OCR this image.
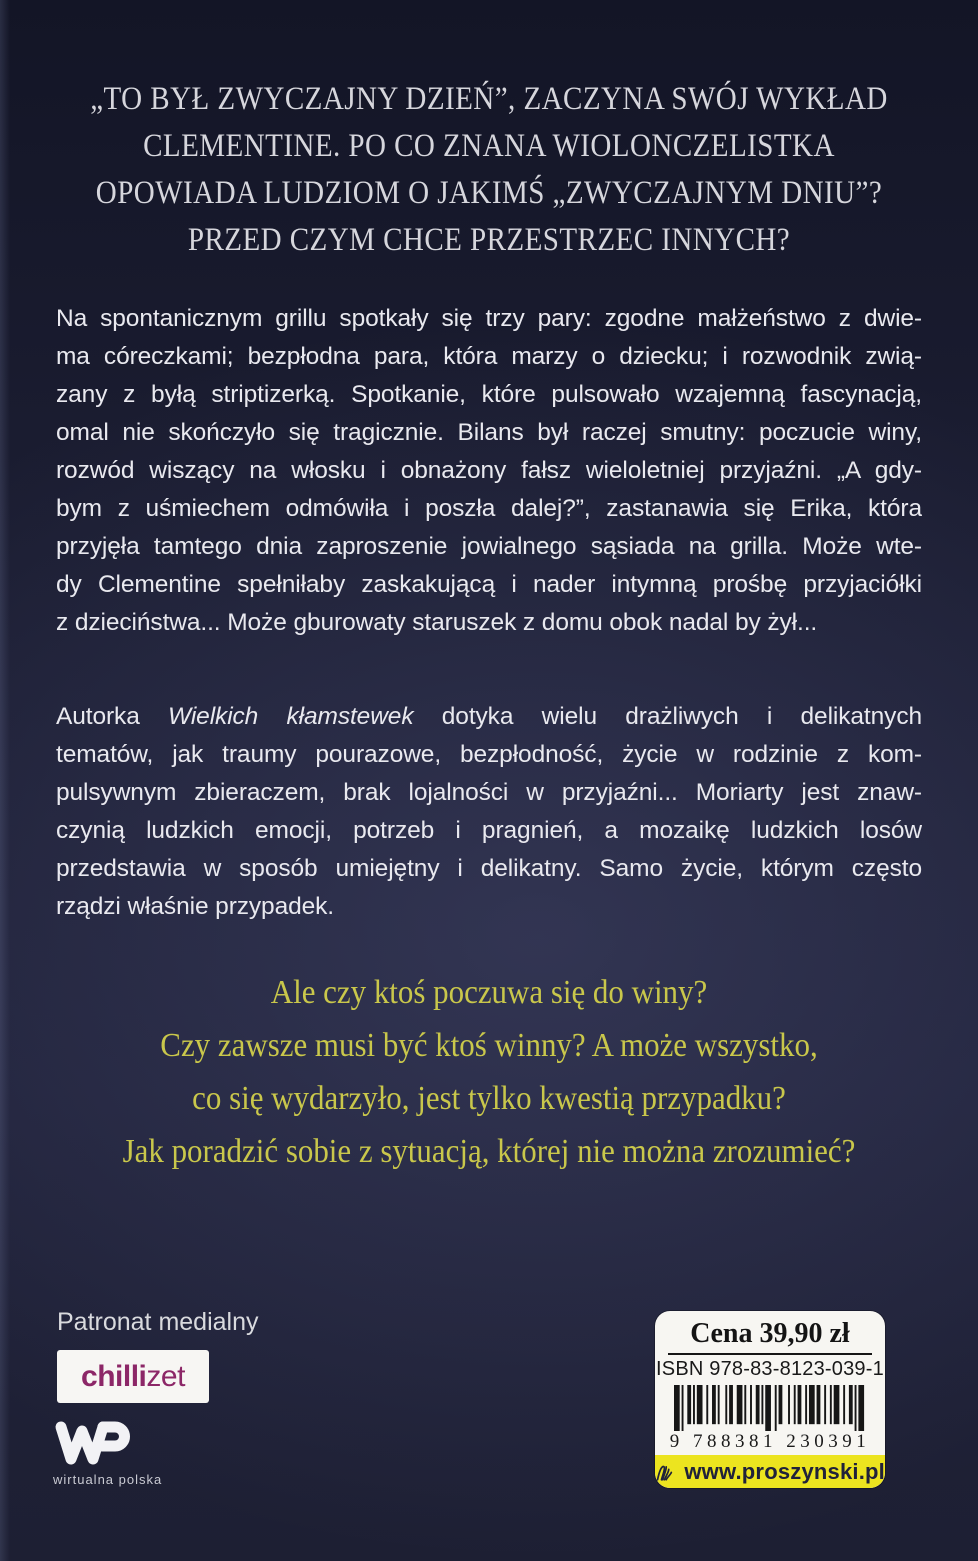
„TO BYŁ ZWYCZAJNY DZIEŃ”, ZACZYNA SWÓJ WYKŁAD
CLEMENTINE. PO CO ZNANA WIOLONCZELISTKA
OPOWIADA LUDZIOM O JAKIMŚ „ZWYCZAJNYM DNIU”?
PRZED CZYM CHCE PRZESTRZEC INNYCH?
Na spontanicznym grillu spotkały się trzy pary: zgodne małżeństwo z dwie-
ma córeczkami; bezpłodna para, która marzy o dziecku; i rozwodnik zwią-
zany z byłą striptizerką. Spotkanie, które pulsowało wzajemną fascynacją,
omal nie skończyło się tragicznie. Bilans był raczej smutny: poczucie winy,
rozwód wiszący na włosku i obnażony fałsz wieloletniej przyjaźni. „A gdy-
bym z uśmiechem odmówiła i poszła dalej?”, zastanawia się Erika, która
przyjęła tamtego dnia zaproszenie jowialnego sąsiada na grilla. Może wte-
dy Clementine spełniłaby zaskakującą i nader intymną prośbę przyjaciółki
z dzieciństwa... Może gburowaty staruszek z domu obok nadal by żył...
Autorka Wielkich kłamstewek dotyka wielu drażliwych i delikatnych
tematów, jak traumy pourazowe, bezpłodność, życie w rodzinie z kom-
pulsywnym zbieraczem, brak lojalności w przyjaźni... Moriarty jest znaw-
czynią ludzkich emocji, potrzeb i pragnień, a mozaikę ludzkich losów
przedstawia w sposób umiejętny i delikatny. Samo życie, którym często
rządzi właśnie przypadek.
Ale czy ktoś poczuwa się do winy?
Czy zawsze musi być ktoś winny? A może wszystko,
co się wydarzyło, jest tylko kwestią przypadku?
Jak poradzić sobie z sytuacją, której nie można zrozumieć?
Patronat medialny
chillizet
wirtualna polska
Cena 39,90 zł
ISBN 978-83-8123-039-1
9 788381 230391
www.proszynski.pl
